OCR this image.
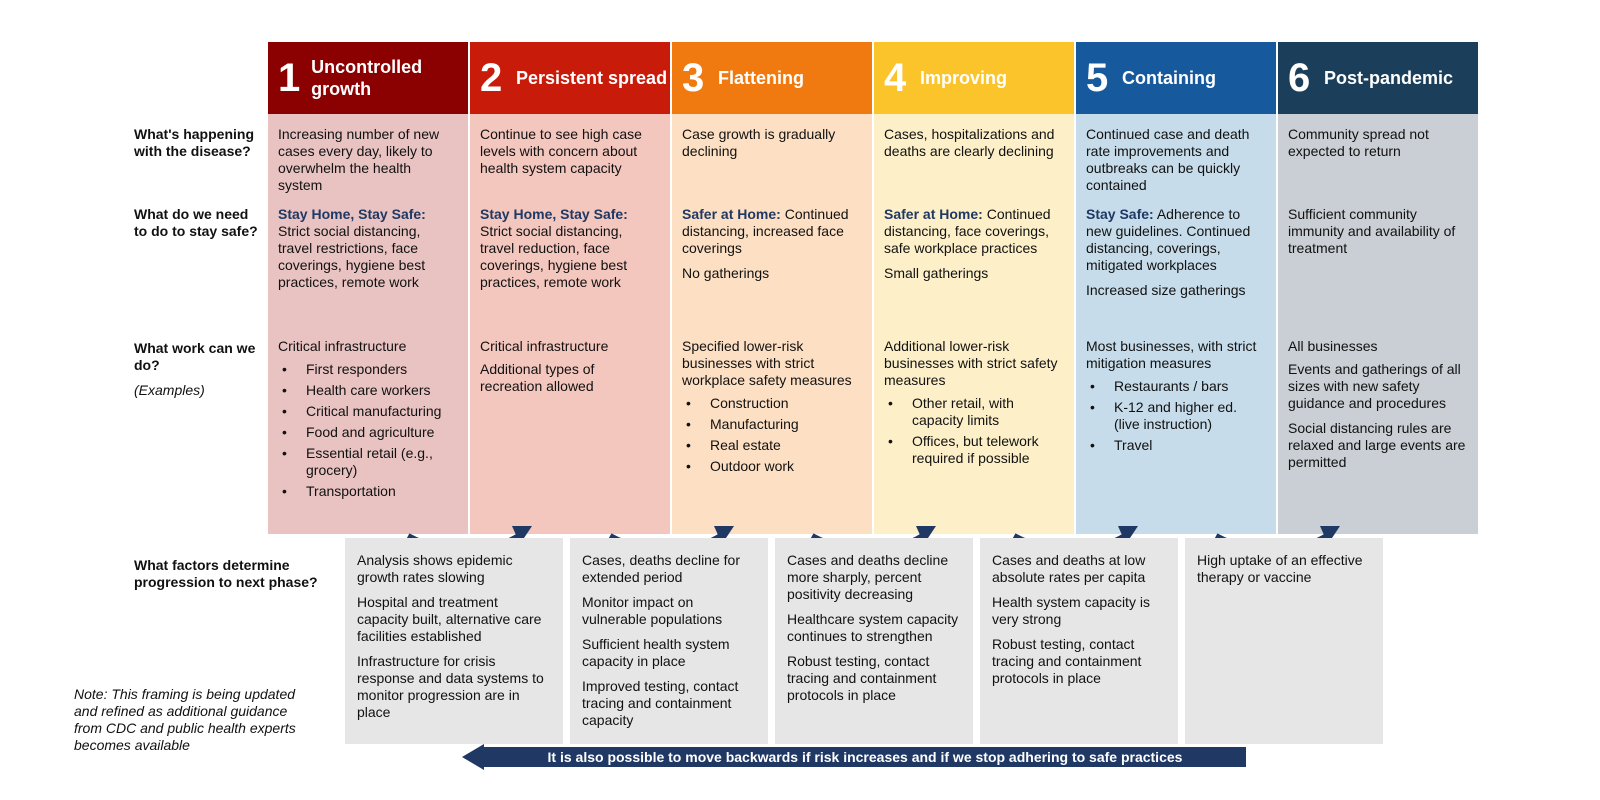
What's happening with the disease?
What do we need to do to stay safe?
What work can we do?
(Examples)
What factors determine progression to next phase?
1 Uncontrolled growth

Increasing number of new cases every day, likely to overwhelm the health system

Stay Home, Stay Safe: Strict social distancing, travel restrictions, face coverings, hygiene best practices, remote work

Critical infrastructure

• First responders
• Health care workers
• Critical manufacturing
• Food and agriculture
• Essential retail (e.g., grocery)
• Transportation
2 Persistent spread

Continue to see high case levels with concern about health system capacity

Stay Home, Stay Safe: Strict social distancing, travel reduction, face coverings, hygiene best practices, remote work

Critical infrastructure

Additional types of recreation allowed

3 Flattening

Case growth is gradually declining

Safer at Home: Continued distancing, increased face coverings

No gatherings

Specified lower-risk businesses with strict workplace safety measures

• Construction
• Manufacturing
• Real estate
• Outdoor work
4 Improving

Cases, hospitalizations and deaths are clearly declining

Safer at Home: Continued distancing, face coverings, safe workplace practices

Small gatherings

Additional lower-risk businesses with strict safety measures

• Other retail, with capacity limits
• Offices, but telework required if possible
5 Containing

Continued case and death rate improvements and outbreaks can be quickly contained

Stay Safe: Adherence to new guidelines. Continued distancing, coverings, mitigated workplaces

Increased size gatherings

Most businesses, with strict mitigation measures

• Restaurants / bars
• K-12 and higher ed. (live instruction)
• Travel
6 Post-pandemic

Community spread not expected to return

Sufficient community immunity and availability of treatment

All businesses

Events and gatherings of all sizes with new safety guidance and procedures

Social distancing rules are relaxed and large events are permitted

Analysis shows epidemic growth rates slowing

Hospital and treatment capacity built, alternative care facilities established

Infrastructure for crisis response and data systems to monitor progression are in place

Cases, deaths decline for extended period

Monitor impact on vulnerable populations

Sufficient health system capacity in place

Improved testing, contact tracing and containment capacity

Cases and deaths decline more sharply, percent positivity decreasing

Healthcare system capacity continues to strengthen

Robust testing, contact tracing and containment protocols in place

Cases and deaths at low absolute rates per capita

Health system capacity is very strong

Robust testing, contact tracing and containment protocols in place

High uptake of an effective therapy or vaccine

Note: This framing is being updated and refined as additional guidance from CDC and public health experts becomes available
It is also possible to move backwards if risk increases and if we stop adhering to safe practices
